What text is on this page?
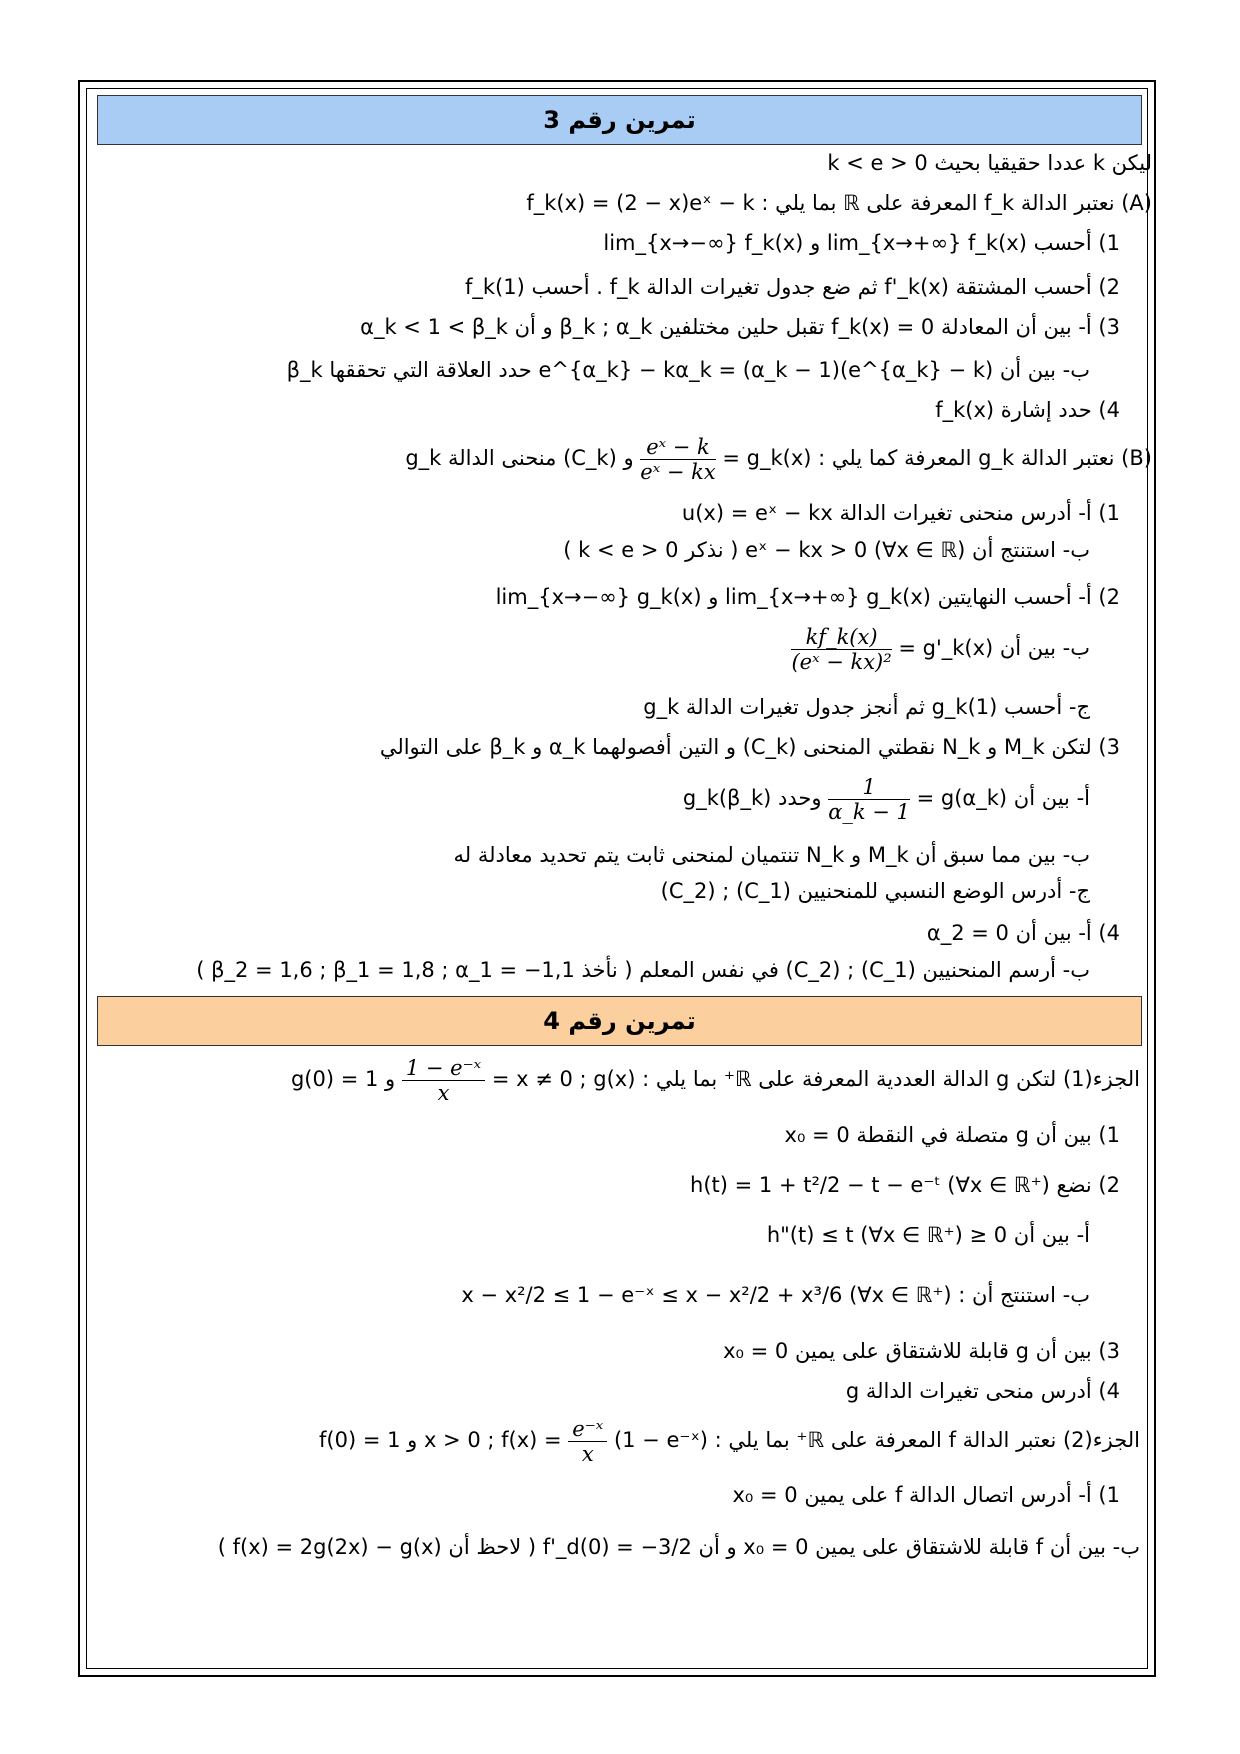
تمرين رقم 3
ليكن k عددا حقيقيا بحيث 0 < k < e
(A) نعتبر الدالة f_k المعرفة على ℝ بما يلي : f_k(x) = (2 − x)eˣ − k
1) أحسب lim_{x→+∞} f_k(x) و lim_{x→−∞} f_k(x)
2) أحسب المشتقة f'_k(x) ثم ضع جدول تغيرات الدالة f_k . أحسب f_k(1)
3) أ- بين أن المعادلة f_k(x) = 0 تقبل حلين مختلفين β_k ; α_k و أن α_k < 1 < β_k
ب- بين أن (e^{α_k} − k)(α_k − 1) = e^{α_k} − kα_k حدد العلاقة التي تحققها β_k
4) حدد إشارة f_k(x)
(B) نعتبر الدالة g_k المعرفة كما يلي : g_k(x) =
$\frac{\text{eˣ − k}}{\text{eˣ − kx}}$
و (C_k) منحنى الدالة g_k
1) أ- أدرس منحنى تغيرات الدالة u(x) = eˣ − kx
ب- استنتج أن eˣ − kx > 0 (∀x ∈ ℝ) ( نذكر 0 < k < e )
2) أ- أحسب النهايتين lim_{x→+∞} g_k(x) و lim_{x→−∞} g_k(x)
ب- بين أن g'_k(x) =
$\frac{kf\_k(x)}{\text{(eˣ − kx)²}}$
ج- أحسب g_k(1) ثم أنجز جدول تغيرات الدالة g_k
3) لتكن M_k و N_k نقطتي المنحنى (C_k) و التين أفصولهما α_k و β_k على التوالي
أ- بين أن g(α_k) =
$\frac{1}{\alpha\_k - 1}$
وحدد g_k(β_k)
ب- بين مما سبق أن M_k و N_k تنتميان لمنحنى ثابت يتم تحديد معادلة له
ج- أدرس الوضع النسبي للمنحنيين (C_1) ; (C_2)
4) أ- بين أن α_2 = 0
ب- أرسم المنحنيين (C_1) ; (C_2) في نفس المعلم ( نأخذ β_2 = 1,6 ; β_1 = 1,8 ; α_1 = −1,1 )
تمرين رقم 4
الجزء(1) لتكن g الدالة العددية المعرفة على ℝ⁺ بما يلي : x ≠ 0 ; g(x) =
$\frac{\text{1 − e⁻ˣ}}{x}$
و g(0) = 1
1) بين أن g متصلة في النقطة x₀ = 0
2) نضع h(t) = 1 + t²/2 − t − e⁻ᵗ (∀x ∈ ℝ⁺)
أ- بين أن 0 ≤ h"(t) ≤ t (∀x ∈ ℝ⁺)
ب- استنتج أن : x − x²/2 ≤ 1 − e⁻ˣ ≤ x − x²/2 + x³/6 (∀x ∈ ℝ⁺)
3) بين أن g قابلة للاشتقاق على يمين x₀ = 0
4) أدرس منحى تغيرات الدالة g
الجزء(2) نعتبر الدالة f المعرفة على ℝ⁺ بما يلي : x > 0 ; f(x) =
$\frac{\text{e⁻ˣ}}{x}$
(1 − e⁻ˣ) و f(0) = 1
1) أ- أدرس اتصال الدالة f على يمين x₀ = 0
ب- بين أن f قابلة للاشتقاق على يمين x₀ = 0 و أن f'_d(0) = −3/2 ( لاحظ أن f(x) = 2g(2x) − g(x) )
